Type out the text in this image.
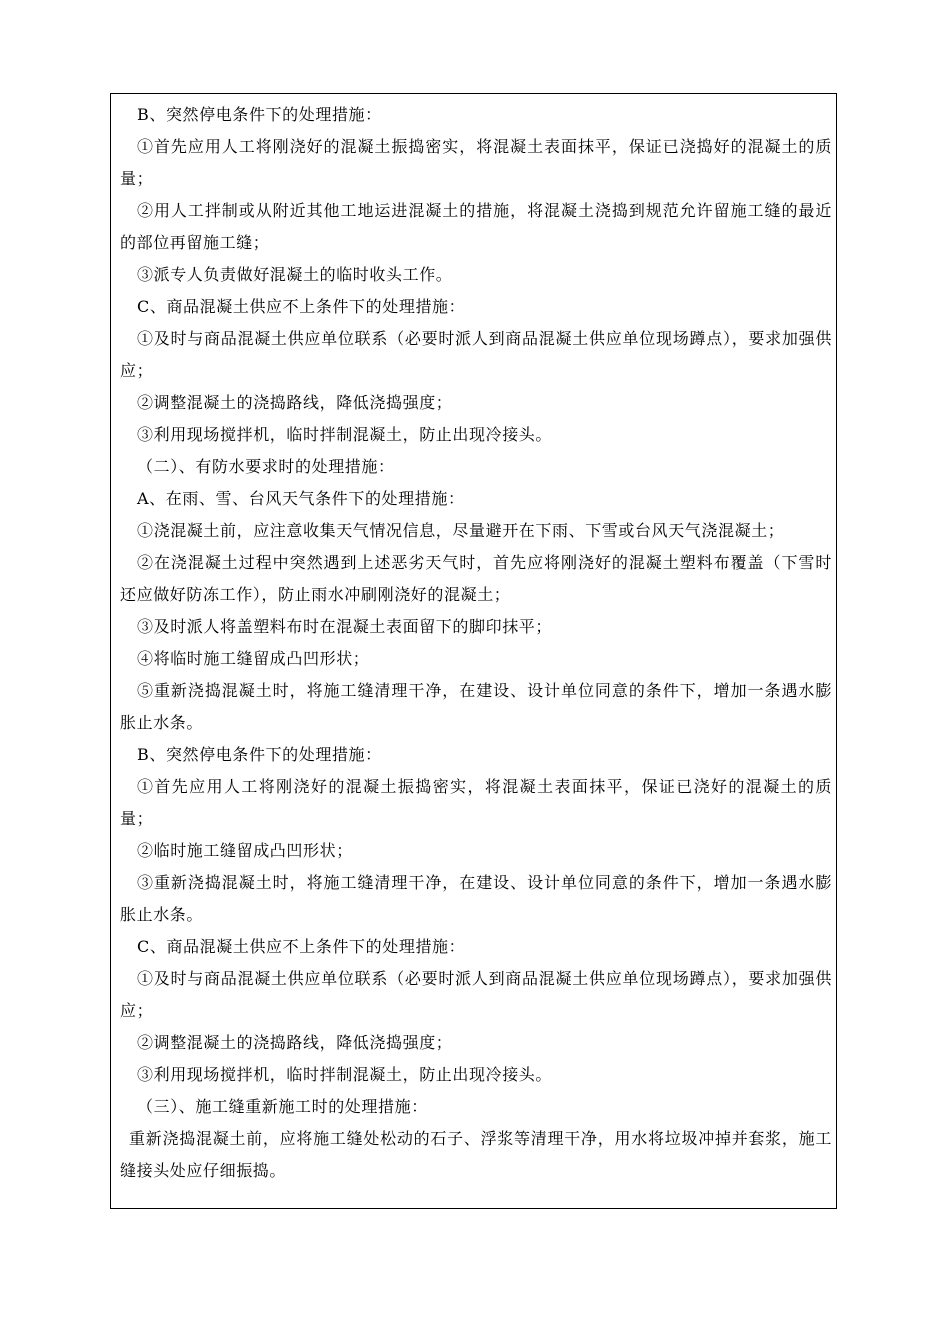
B、突然停电条件下的处理措施：

①首先应用人工将刚浇好的混凝土振捣密实，将混凝土表面抹平，保证已浇捣好的混凝土的质量；

②用人工拌制或从附近其他工地运进混凝土的措施，将混凝土浇捣到规范允许留施工缝的最近的部位再留施工缝；

③派专人负责做好混凝土的临时收头工作。

C、商品混凝土供应不上条件下的处理措施：

①及时与商品混凝土供应单位联系（必要时派人到商品混凝土供应单位现场蹲点），要求加强供应；

②调整混凝土的浇捣路线，降低浇捣强度；

③利用现场搅拌机，临时拌制混凝土，防止出现冷接头。

（二）、有防水要求时的处理措施：

A、在雨、雪、台风天气条件下的处理措施：

①浇混凝土前，应注意收集天气情况信息，尽量避开在下雨、下雪或台风天气浇混凝土；

②在浇混凝土过程中突然遇到上述恶劣天气时，首先应将刚浇好的混凝土塑料布覆盖（下雪时还应做好防冻工作），防止雨水冲刷刚浇好的混凝土；

③及时派人将盖塑料布时在混凝土表面留下的脚印抹平；

④将临时施工缝留成凸凹形状；

⑤重新浇捣混凝土时，将施工缝清理干净，在建设、设计单位同意的条件下，增加一条遇水膨胀止水条。

B、突然停电条件下的处理措施：

①首先应用人工将刚浇好的混凝土振捣密实，将混凝土表面抹平，保证已浇好的混凝土的质量；

②临时施工缝留成凸凹形状；

③重新浇捣混凝土时，将施工缝清理干净，在建设、设计单位同意的条件下，增加一条遇水膨胀止水条。

C、商品混凝土供应不上条件下的处理措施：

①及时与商品混凝土供应单位联系（必要时派人到商品混凝土供应单位现场蹲点），要求加强供应；

②调整混凝土的浇捣路线，降低浇捣强度；

③利用现场搅拌机，临时拌制混凝土，防止出现冷接头。

（三）、施工缝重新施工时的处理措施：

重新浇捣混凝土前，应将施工缝处松动的石子、浮浆等清理干净，用水将垃圾冲掉并套浆，施工缝接头处应仔细振捣。
